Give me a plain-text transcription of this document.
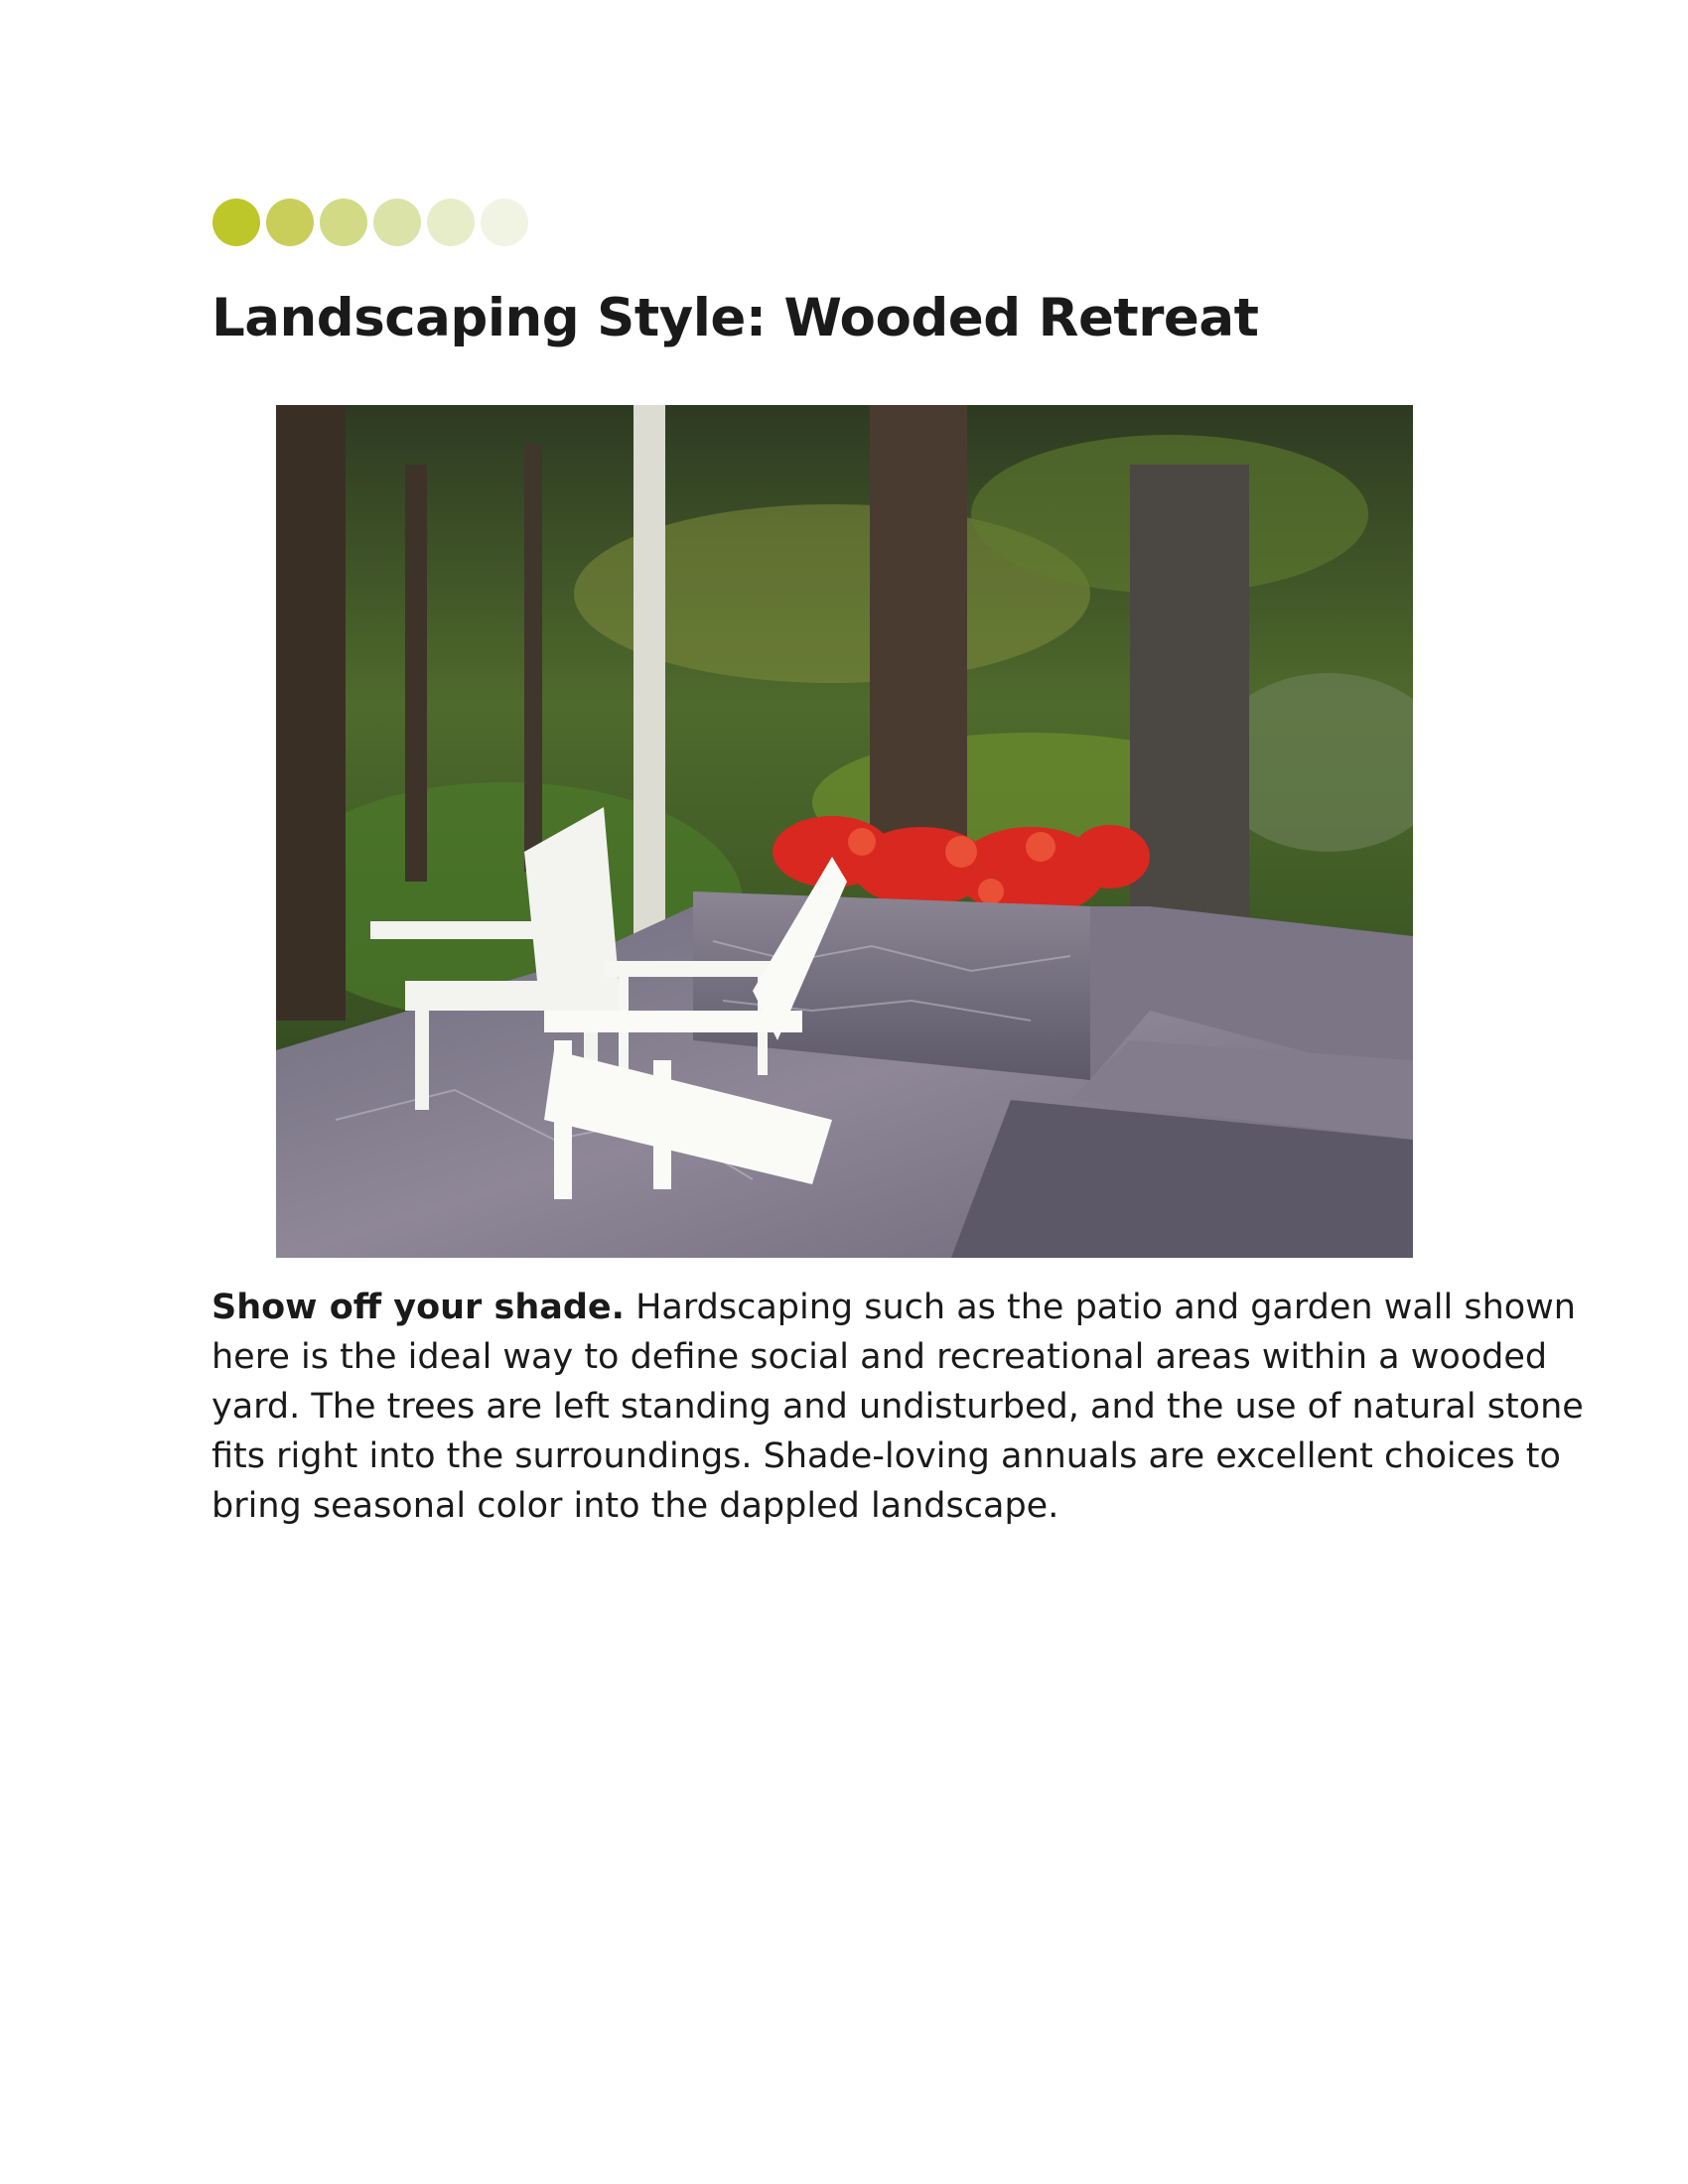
Landscaping Style: Wooded Retreat

Show off your shade. Hardscaping such as the patio and garden wall shown
here is the ideal way to define social and recreational areas within a wooded
yard. The trees are left standing and undisturbed, and the use of natural stone
fits right into the surroundings. Shade-loving annuals are excellent choices to
bring seasonal color into the dappled landscape.
